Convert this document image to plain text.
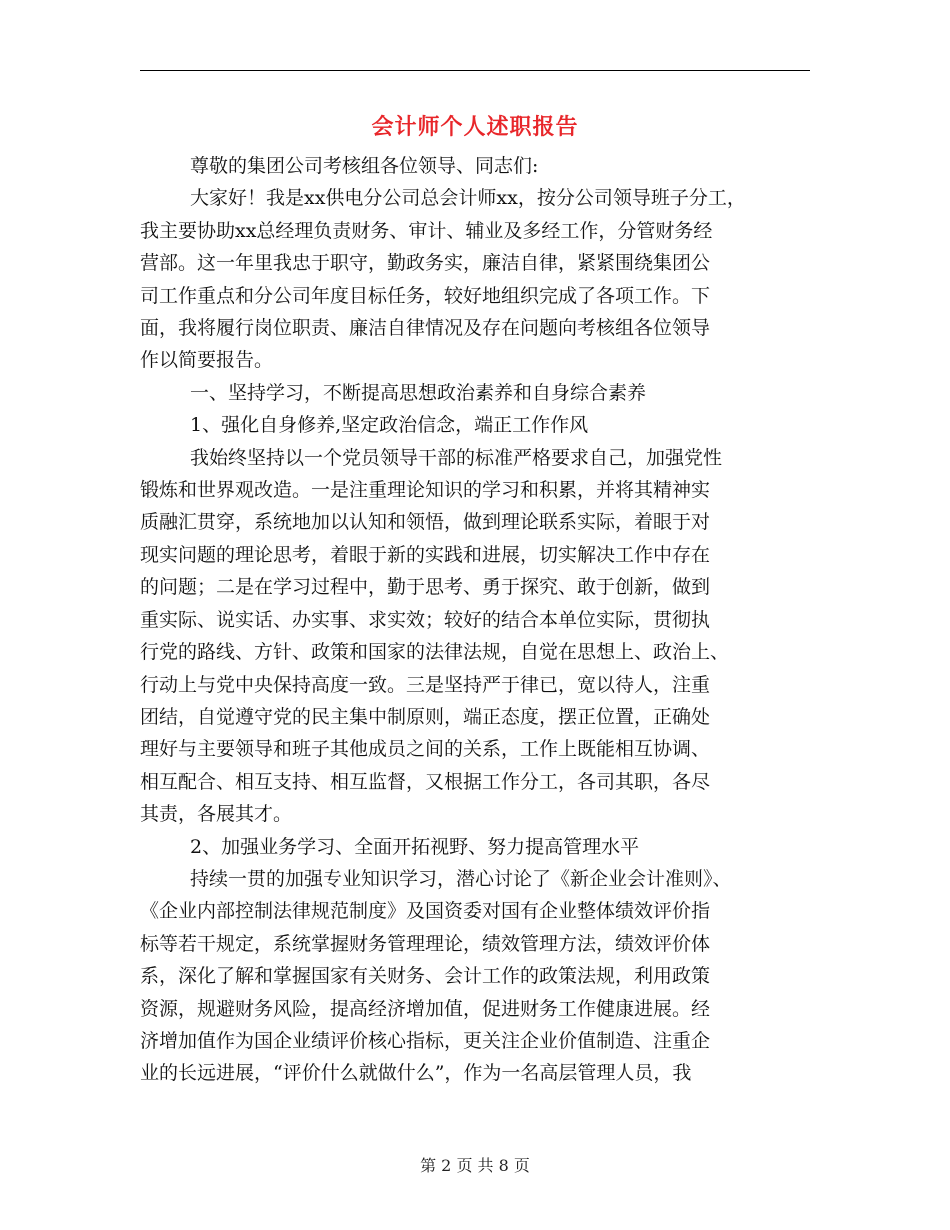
会计师个人述职报告

尊敬的集团公司考核组各位领导、同志们:

大家好！我是xx供电分公司总会计师xx，按分公司领导班子分工，
我主要协助xx总经理负责财务、审计、辅业及多经工作，分管财务经
营部。这一年里我忠于职守，勤政务实，廉洁自律，紧紧围绕集团公
司工作重点和分公司年度目标任务，较好地组织完成了各项工作。下
面，我将履行岗位职责、廉洁自律情况及存在问题向考核组各位领导
作以简要报告。

一、坚持学习，不断提高思想政治素养和自身综合素养

1、强化自身修养,坚定政治信念，端正工作作风

我始终坚持以一个党员领导干部的标准严格要求自己，加强党性
锻炼和世界观改造。一是注重理论知识的学习和积累，并将其精神实
质融汇贯穿，系统地加以认知和领悟，做到理论联系实际，着眼于对
现实问题的理论思考，着眼于新的实践和进展，切实解决工作中存在
的问题；二是在学习过程中，勤于思考、勇于探究、敢于创新，做到
重实际、说实话、办实事、求实效；较好的结合本单位实际，贯彻执
行党的路线、方针、政策和国家的法律法规，自觉在思想上、政治上、
行动上与党中央保持高度一致。三是坚持严于律已，宽以待人，注重
团结，自觉遵守党的民主集中制原则，端正态度，摆正位置，正确处
理好与主要领导和班子其他成员之间的关系，工作上既能相互协调、
相互配合、相互支持、相互监督，又根据工作分工，各司其职，各尽
其责，各展其才。

2、加强业务学习、全面开拓视野、努力提高管理水平

持续一贯的加强专业知识学习，潜心讨论了《新企业会计准则》、
《企业内部控制法律规范制度》及国资委对国有企业整体绩效评价指
标等若干规定，系统掌握财务管理理论，绩效管理方法，绩效评价体
系，深化了解和掌握国家有关财务、会计工作的政策法规，利用政策
资源，规避财务风险，提高经济增加值，促进财务工作健康进展。经
济增加值作为国企业绩评价核心指标，更关注企业价值制造、注重企
业的长远进展，“评价什么就做什么”，作为一名高层管理人员，我

第 2 页 共 8 页
